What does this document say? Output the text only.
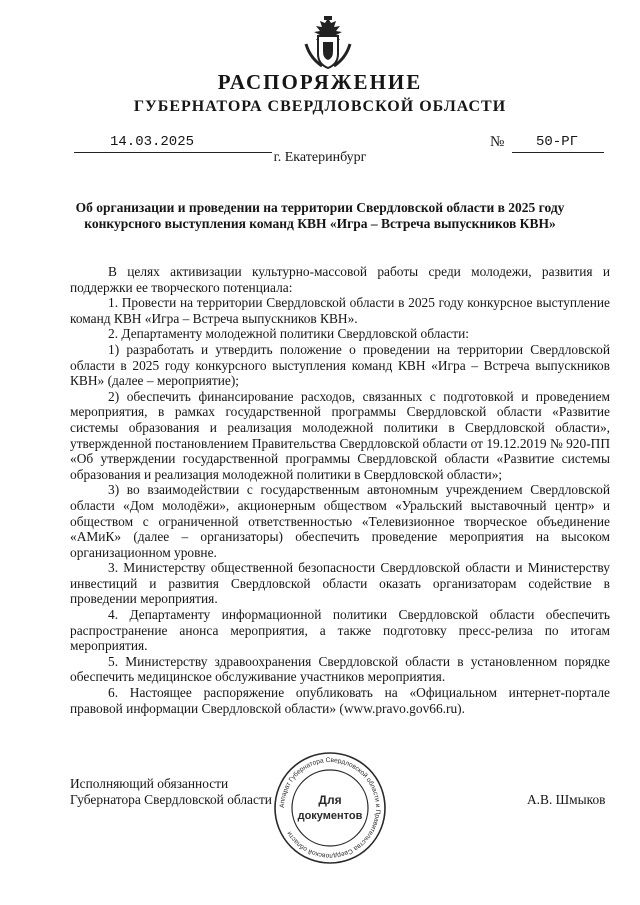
РАСПОРЯЖЕНИЕ
ГУБЕРНАТОРА СВЕРДЛОВСКОЙ ОБЛАСТИ
14.03.2025	№ 50-РГ
г. Екатеринбург
Об организации и проведении на территории Свердловской области в 2025 году конкурсного выступления команд КВН «Игра – Встреча выпускников КВН»

В целях активизации культурно-массовой работы среди молодежи, развития и поддержки ее творческого потенциала:

1. Провести на территории Свердловской области в 2025 году конкурсное выступление команд КВН «Игра – Встреча выпускников КВН».

2. Департаменту молодежной политики Свердловской области:

1) разработать и утвердить положение о проведении на территории Свердловской области в 2025 году конкурсного выступления команд КВН «Игра – Встреча выпускников КВН» (далее – мероприятие);

2) обеспечить финансирование расходов, связанных с подготовкой и проведением мероприятия, в рамках государственной программы Свердловской области «Развитие системы образования и реализация молодежной политики в Свердловской области», утвержденной постановлением Правительства Свердловской области от 19.12.2019 № 920-ПП «Об утверждении государственной программы Свердловской области «Развитие системы образования и реализация молодежной политики в Свердловской области»;

3) во взаимодействии с государственным автономным учреждением Свердловской области «Дом молодёжи», акционерным обществом «Уральский выставочный центр» и обществом с ограниченной ответственностью «Телевизионное творческое объединение «АМиК» (далее – организаторы) обеспечить проведение мероприятия на высоком организационном уровне.

3. Министерству общественной безопасности Свердловской области и Министерству инвестиций и развития Свердловской области оказать организаторам содействие в проведении мероприятия.

4. Департаменту информационной политики Свердловской области обеспечить распространение анонса мероприятия, а также подготовку пресс-релиза по итогам мероприятия.

5. Министерству здравоохранения Свердловской области в установленном порядке обеспечить медицинское обслуживание участников мероприятия.

6. Настоящее распоряжение опубликовать на «Официальном интернет-портале правовой информации Свердловской области» (www.pravo.gov66.ru).

Исполняющий обязанности
Губернатора Свердловской области	А.В. Шмыков
Аппарат Губернатора Свердловской области и Правительства Свердловской области
Для
документов
